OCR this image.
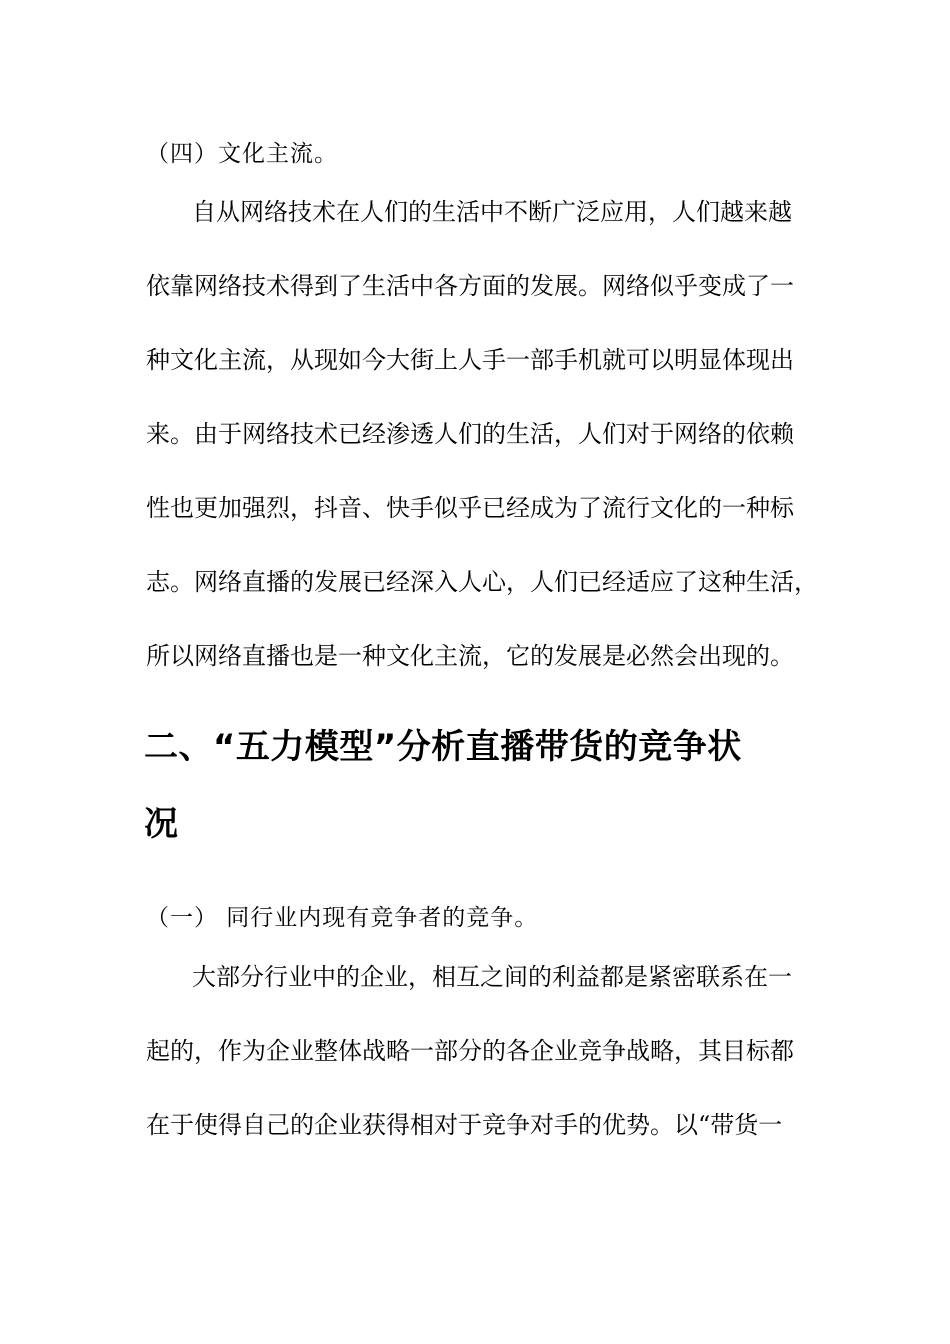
（四）文化主流。
自从网络技术在人们的生活中不断广泛应用，人们越来越
依靠网络技术得到了生活中各方面的发展。网络似乎变成了一
种文化主流，从现如今大街上人手一部手机就可以明显体现出
来。由于网络技术已经渗透人们的生活，人们对于网络的依赖
性也更加强烈，抖音、快手似乎已经成为了流行文化的一种标
志。网络直播的发展已经深入人心，人们已经适应了这种生活，
所以网络直播也是一种文化主流，它的发展是必然会出现的。
二、“五力模型”分析直播带货的竞争状
况
（一） 同行业内现有竞争者的竞争。
大部分行业中的企业，相互之间的利益都是紧密联系在一
起的，作为企业整体战略一部分的各企业竞争战略，其目标都
在于使得自己的企业获得相对于竞争对手的优势。以“带货一
